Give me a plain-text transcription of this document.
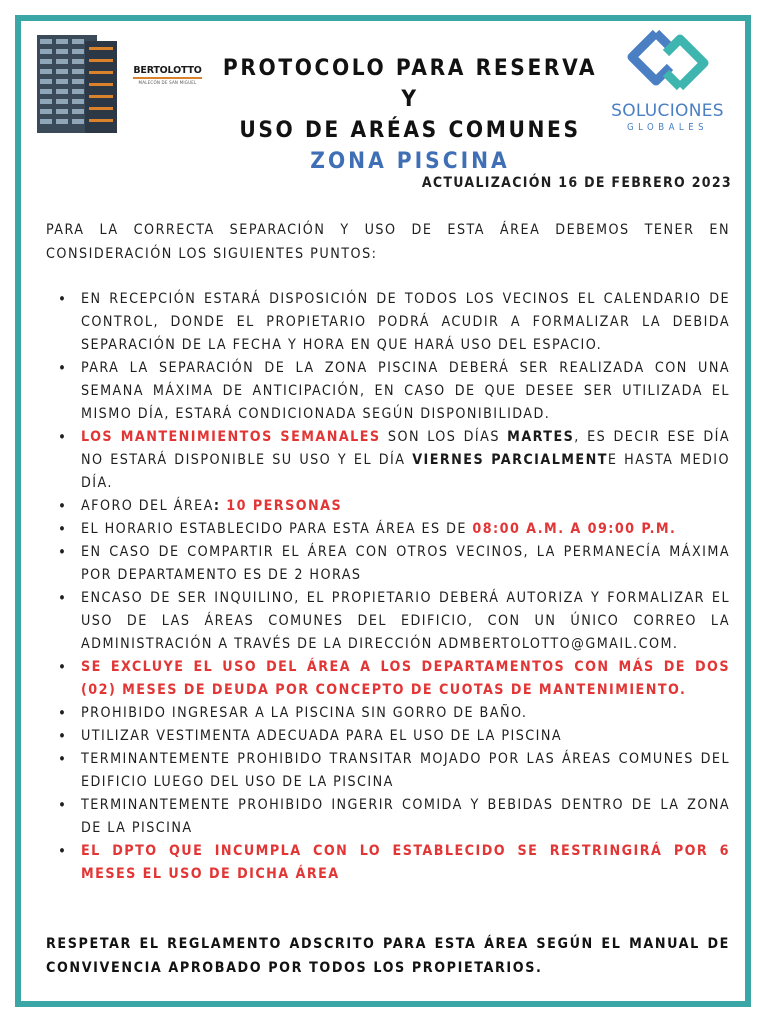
BERTOLOTTO
MALECÓN DE SAN MIGUEL
PROTOCOLO PARA RESERVA Y
USO DE ARÉAS COMUNES
ZONA PISCINA
SOLUCIONES
GLOBALES
ACTUALIZACIÓN 16 DE FEBRERO 2023
PARA LA CORRECTA SEPARACIÓN Y USO DE ESTA ÁREA DEBEMOS TENER EN CONSIDERACIÓN LOS SIGUIENTES PUNTOS:
• EN RECEPCIÓN ESTARÁ DISPOSICIÓN DE TODOS LOS VECINOS EL CALENDARIO DE CONTROL, DONDE EL PROPIETARIO PODRÁ ACUDIR A FORMALIZAR LA DEBIDA SEPARACIÓN DE LA FECHA Y HORA EN QUE HARÁ USO DEL ESPACIO.
• PARA LA SEPARACIÓN DE LA ZONA PISCINA DEBERÁ SER REALIZADA CON UNA SEMANA MÁXIMA DE ANTICIPACIÓN, EN CASO DE QUE DESEE SER UTILIZADA EL MISMO DÍA, ESTARÁ CONDICIONADA SEGÚN DISPONIBILIDAD.
• LOS MANTENIMIENTOS SEMANALES SON LOS DÍAS MARTES, ES DECIR ESE DÍA NO ESTARÁ DISPONIBLE SU USO Y EL DÍA VIERNES PARCIALMENTE HASTA MEDIO DÍA.
• AFORO DEL ÁREA: 10 PERSONAS
• EL HORARIO ESTABLECIDO PARA ESTA ÁREA ES DE 08:00 A.M. A 09:00 P.M.
• EN CASO DE COMPARTIR EL ÁREA CON OTROS VECINOS, LA PERMANECÍA MÁXIMA POR DEPARTAMENTO ES DE 2 HORAS
• ENCASO DE SER INQUILINO, EL PROPIETARIO DEBERÁ AUTORIZA Y FORMALIZAR EL USO DE LAS ÁREAS COMUNES DEL EDIFICIO, CON UN ÚNICO CORREO LA ADMINISTRACIÓN A TRAVÉS DE LA DIRECCIÓN ADMBERTOLOTTO@GMAIL.COM.
• SE EXCLUYE EL USO DEL ÁREA A LOS DEPARTAMENTOS CON MÁS DE DOS (02) MESES DE DEUDA POR CONCEPTO DE CUOTAS DE MANTENIMIENTO.
• PROHIBIDO INGRESAR A LA PISCINA SIN GORRO DE BAÑO.
• UTILIZAR VESTIMENTA ADECUADA PARA EL USO DE LA PISCINA
• TERMINANTEMENTE PROHIBIDO TRANSITAR MOJADO POR LAS ÁREAS COMUNES DEL EDIFICIO LUEGO DEL USO DE LA PISCINA
• TERMINANTEMENTE PROHIBIDO INGERIR COMIDA Y BEBIDAS DENTRO DE LA ZONA DE LA PISCINA
• EL DPTO QUE INCUMPLA CON LO ESTABLECIDO SE RESTRINGIRÁ POR 6 MESES EL USO DE DICHA ÁREA
RESPETAR EL REGLAMENTO ADSCRITO PARA ESTA ÁREA SEGÚN EL MANUAL DE CONVIVENCIA APROBADO POR TODOS LOS PROPIETARIOS.
